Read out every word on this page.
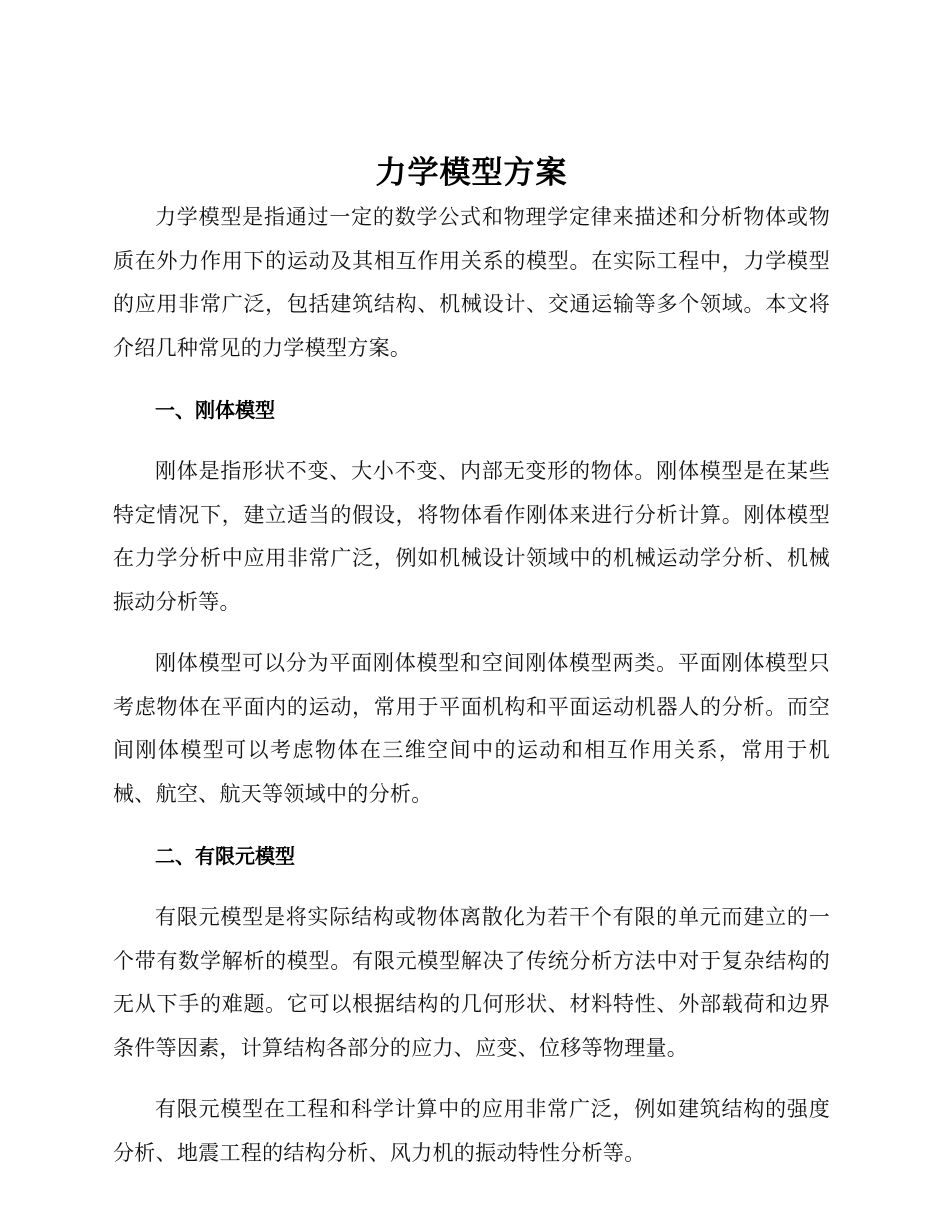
力学模型方案

力学模型是指通过一定的数学公式和物理学定律来描述和分析物体或物质在外力作用下的运动及其相互作用关系的模型。在实际工程中，力学模型的应用非常广泛，包括建筑结构、机械设计、交通运输等多个领域。本文将介绍几种常见的力学模型方案。

一、刚体模型

刚体是指形状不变、大小不变、内部无变形的物体。刚体模型是在某些特定情况下，建立适当的假设，将物体看作刚体来进行分析计算。刚体模型在力学分析中应用非常广泛，例如机械设计领域中的机械运动学分析、机械振动分析等。

刚体模型可以分为平面刚体模型和空间刚体模型两类。平面刚体模型只考虑物体在平面内的运动，常用于平面机构和平面运动机器人的分析。而空间刚体模型可以考虑物体在三维空间中的运动和相互作用关系，常用于机械、航空、航天等领域中的分析。

二、有限元模型

有限元模型是将实际结构或物体离散化为若干个有限的单元而建立的一个带有数学解析的模型。有限元模型解决了传统分析方法中对于复杂结构的无从下手的难题。它可以根据结构的几何形状、材料特性、外部载荷和边界条件等因素，计算结构各部分的应力、应变、位移等物理量。

有限元模型在工程和科学计算中的应用非常广泛，例如建筑结构的强度分析、地震工程的结构分析、风力机的振动特性分析等。
